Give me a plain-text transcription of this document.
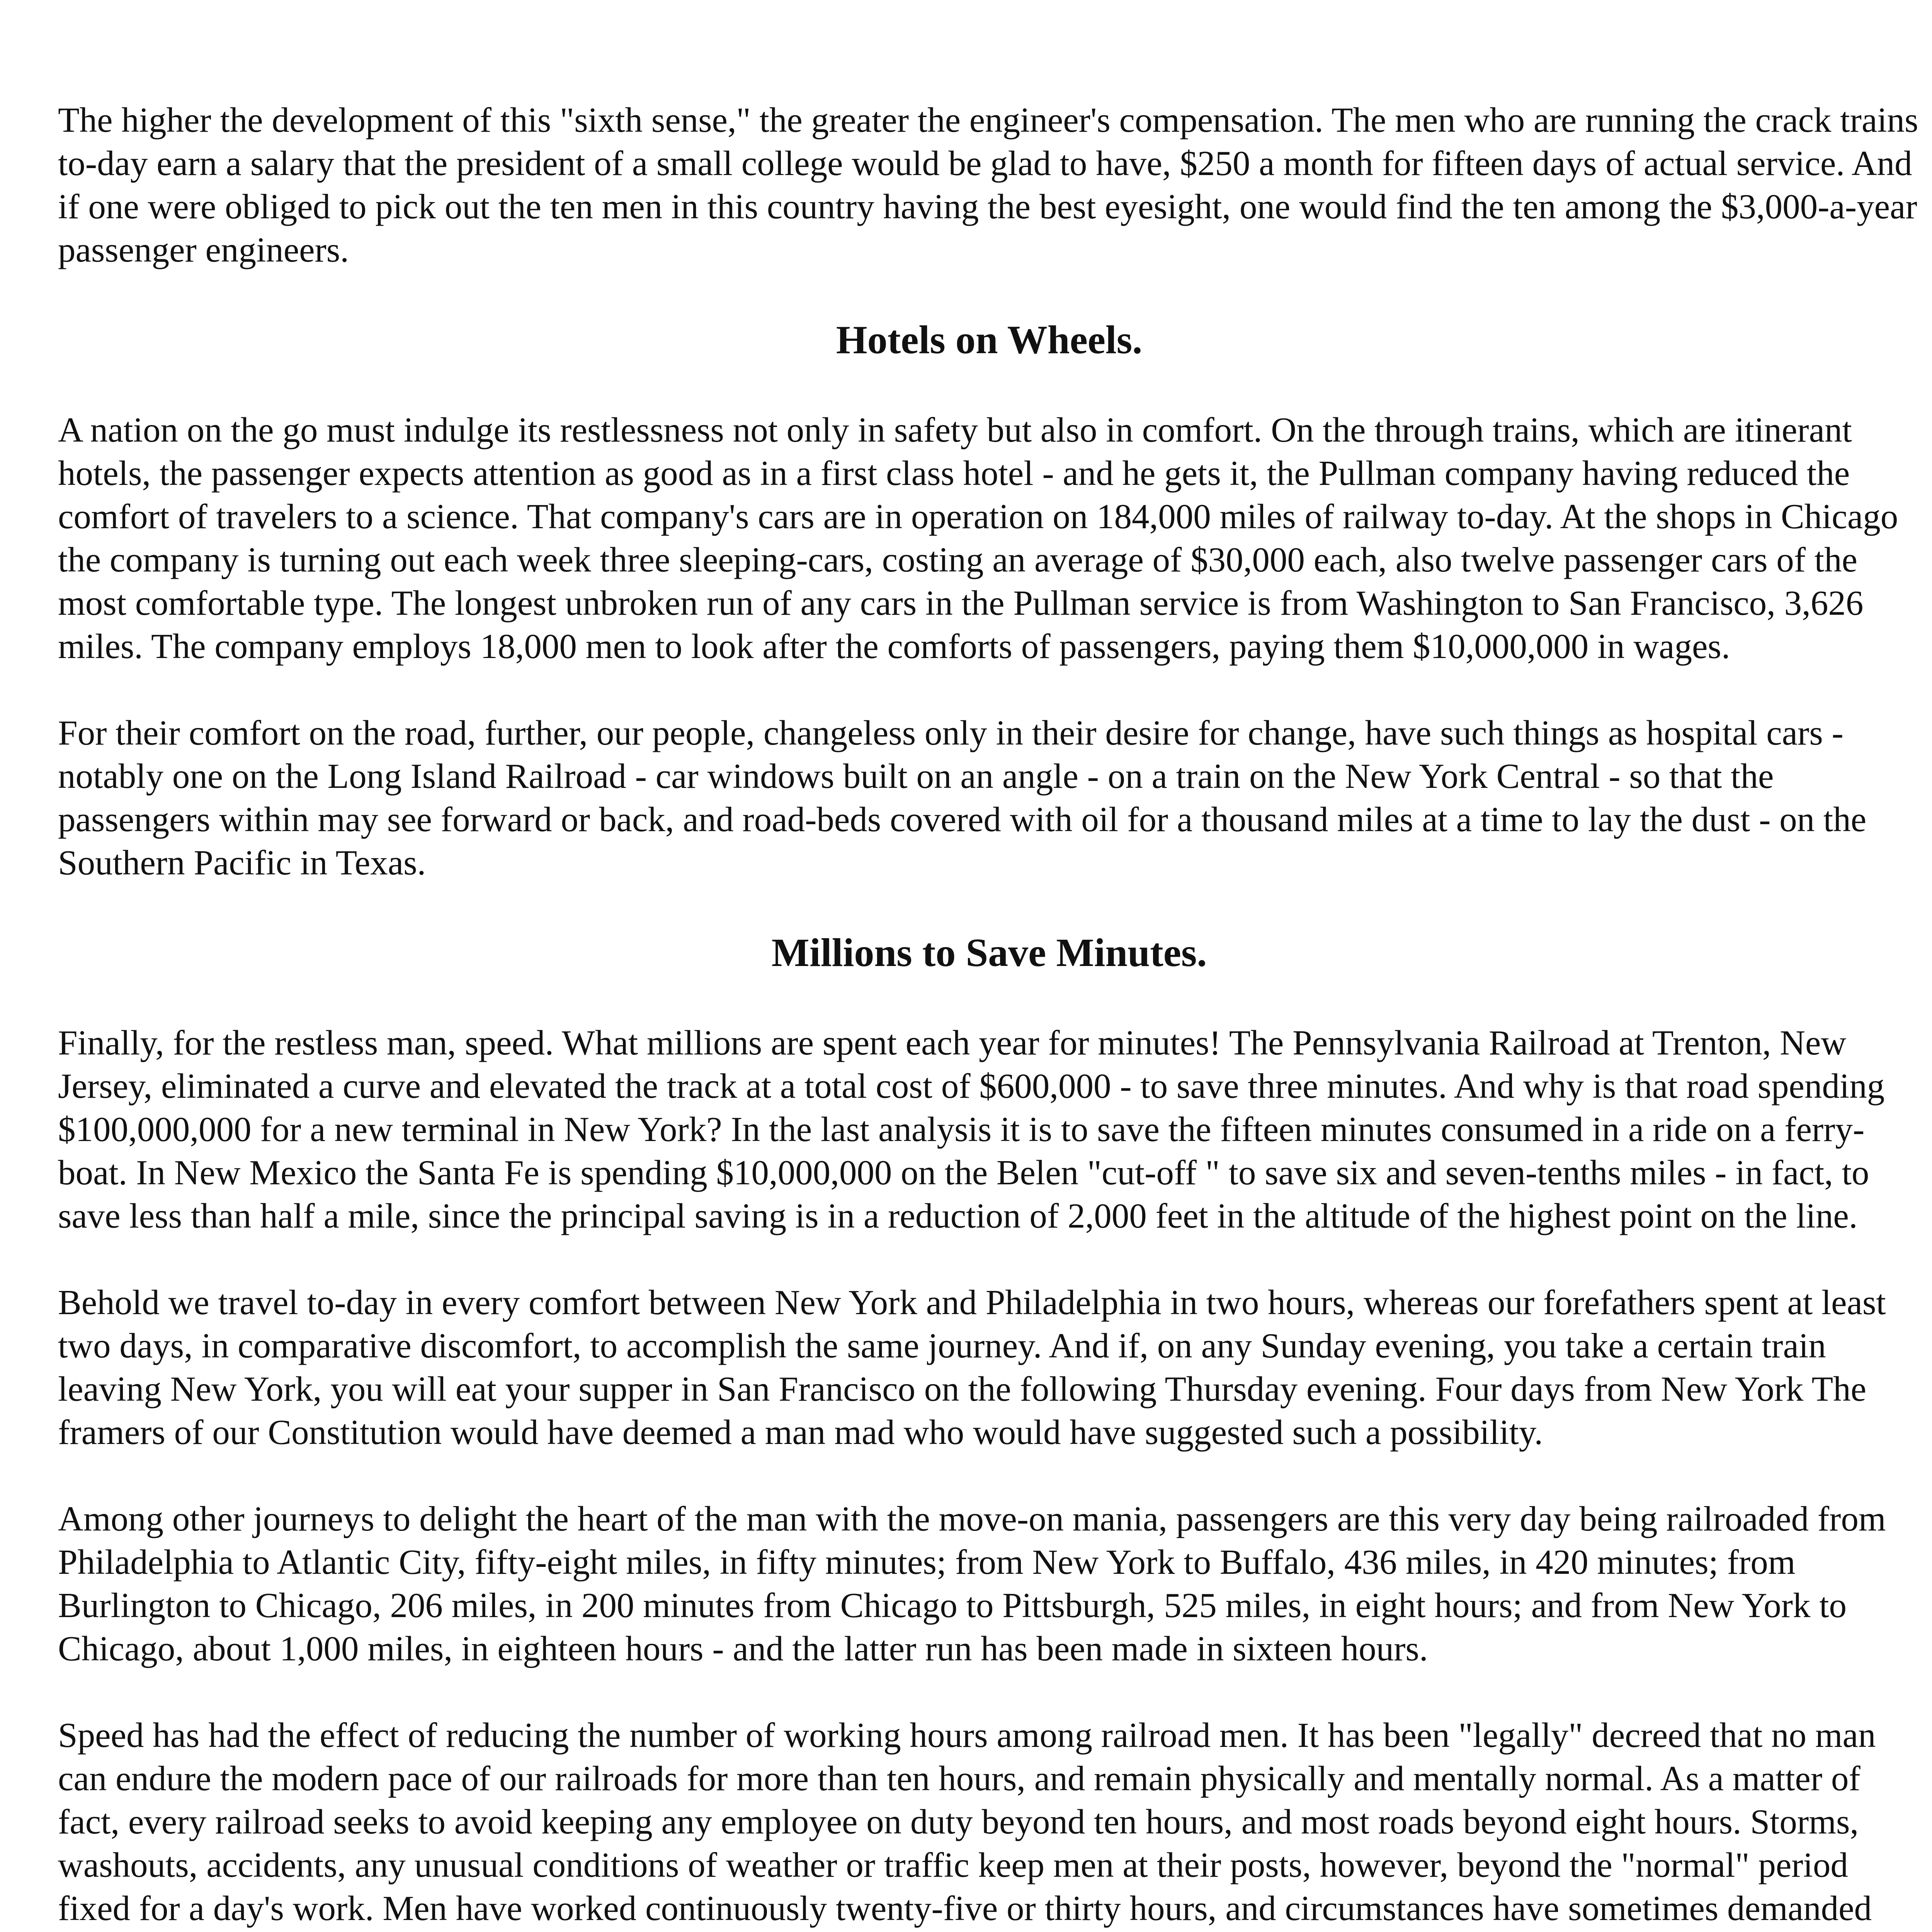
The higher the development of this "sixth sense," the greater the engineer's compensation. The men who are running the crack trains to-day earn a salary that the president of a small college would be glad to have, $250 a month for fifteen days of actual service. And if one were obliged to pick out the ten men in this country having the best eyesight, one would find the ten among the $3,000-a-year passenger engineers.

Hotels on Wheels.

A nation on the go must indulge its restlessness not only in safety but also in comfort. On the through trains, which are itinerant hotels, the passenger expects attention as good as in a first class hotel - and he gets it, the Pullman company having reduced the comfort of travelers to a science. That company's cars are in operation on 184,000 miles of railway to-day. At the shops in Chicago the company is turning out each week three sleeping-cars, costing an average of $30,000 each, also twelve passenger cars of the most comfortable type. The longest unbroken run of any cars in the Pullman service is from Washington to San Francisco, 3,626 miles. The company employs 18,000 men to look after the comforts of passengers, paying them $10,000,000 in wages.

For their comfort on the road, further, our people, changeless only in their desire for change, have such things as hospital cars - notably one on the Long Island Railroad - car windows built on an angle - on a train on the New York Central - so that the passengers within may see forward or back, and road-beds covered with oil for a thousand miles at a time to lay the dust - on the Southern Pacific in Texas.

Millions to Save Minutes.

Finally, for the restless man, speed. What millions are spent each year for minutes! The Pennsylvania Railroad at Trenton, New Jersey, eliminated a curve and elevated the track at a total cost of $600,000 - to save three minutes. And why is that road spending $100,000,000 for a new terminal in New York? In the last analysis it is to save the fifteen minutes consumed in a ride on a ferry-boat. In New Mexico the Santa Fe is spending $10,000,000 on the Belen "cut-off " to save six and seven-tenths miles - in fact, to save less than half a mile, since the principal saving is in a reduction of 2,000 feet in the altitude of the highest point on the line.

Behold we travel to-day in every comfort between New York and Philadelphia in two hours, whereas our forefathers spent at least two days, in comparative discomfort, to accomplish the same journey. And if, on any Sunday evening, you take a certain train leaving New York, you will eat your supper in San Francisco on the following Thursday evening. Four days from New York The framers of our Constitution would have deemed a man mad who would have suggested such a possibility.

Among other journeys to delight the heart of the man with the move-on mania, passengers are this very day being railroaded from Philadelphia to Atlantic City, fifty-eight miles, in fifty minutes; from New York to Buffalo, 436 miles, in 420 minutes; from Burlington to Chicago, 206 miles, in 200 minutes from Chicago to Pittsburgh, 525 miles, in eight hours; and from New York to Chicago, about 1,000 miles, in eighteen hours - and the latter run has been made in sixteen hours.

Speed has had the effect of reducing the number of working hours among railroad men. It has been "legally" decreed that no man can endure the modern pace of our railroads for more than ten hours, and remain physically and mentally normal. As a matter of fact, every railroad seeks to avoid keeping any employee on duty beyond ten hours, and most roads beyond eight hours. Storms, washouts, accidents, any unusual conditions of weather or traffic keep men at their posts, however, beyond the "normal" period fixed for a day's work. Men have worked continuously twenty-five or thirty hours, and circumstances have sometimes demanded
